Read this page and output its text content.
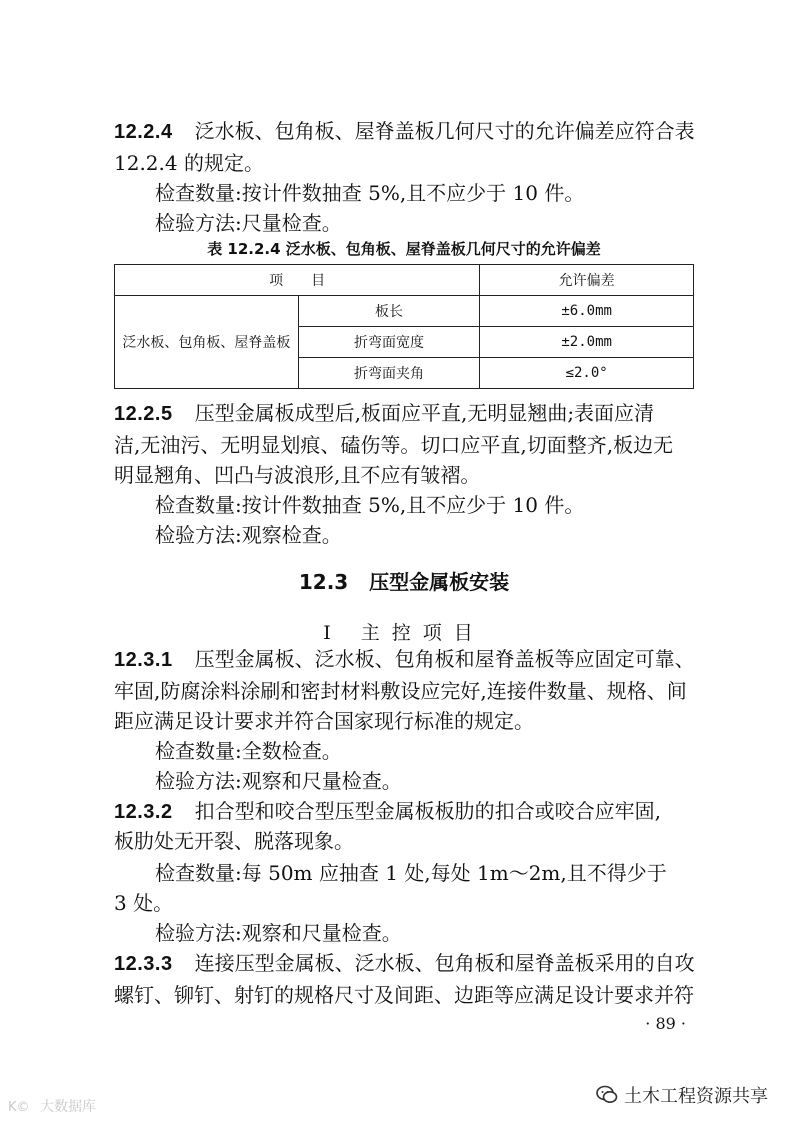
12.2.4 泛水板、包角板、屋脊盖板几何尺寸的允许偏差应符合表
12.2.4 的规定。
检查数量:按计件数抽查 5%,且不应少于 10 件。
检验方法:尺量检查。
表 12.2.4 泛水板、包角板、屋脊盖板几何尺寸的允许偏差
项　　目		允许偏差
泛水板、包角板、屋脊盖板	板长	±6.0mm
	折弯面宽度	±2.0mm
	折弯面夹角	≤2.0°
12.2.5 压型金属板成型后,板面应平直,无明显翘曲;表面应清
洁,无油污、无明显划痕、磕伤等。切口应平直,切面整齐,板边无
明显翘角、凹凸与波浪形,且不应有皱褶。
检查数量:按计件数抽查 5%,且不应少于 10 件。
检验方法:观察检查。
12.3 压型金属板安装
Ⅰ 主控项目
12.3.1 压型金属板、泛水板、包角板和屋脊盖板等应固定可靠、
牢固,防腐涂料涂刷和密封材料敷设应完好,连接件数量、规格、间
距应满足设计要求并符合国家现行标准的规定。
检查数量:全数检查。
检验方法:观察和尺量检查。
12.3.2 扣合型和咬合型压型金属板板肋的扣合或咬合应牢固,
板肋处无开裂、脱落现象。
检查数量:每 50m 应抽查 1 处,每处 1m～2m,且不得少于
3 处。
检验方法:观察和尺量检查。
12.3.3 连接压型金属板、泛水板、包角板和屋脊盖板采用的自攻
螺钉、铆钉、射钉的规格尺寸及间距、边距等应满足设计要求并符
· 89 ·
土木工程资源共享
K© 大数据库
